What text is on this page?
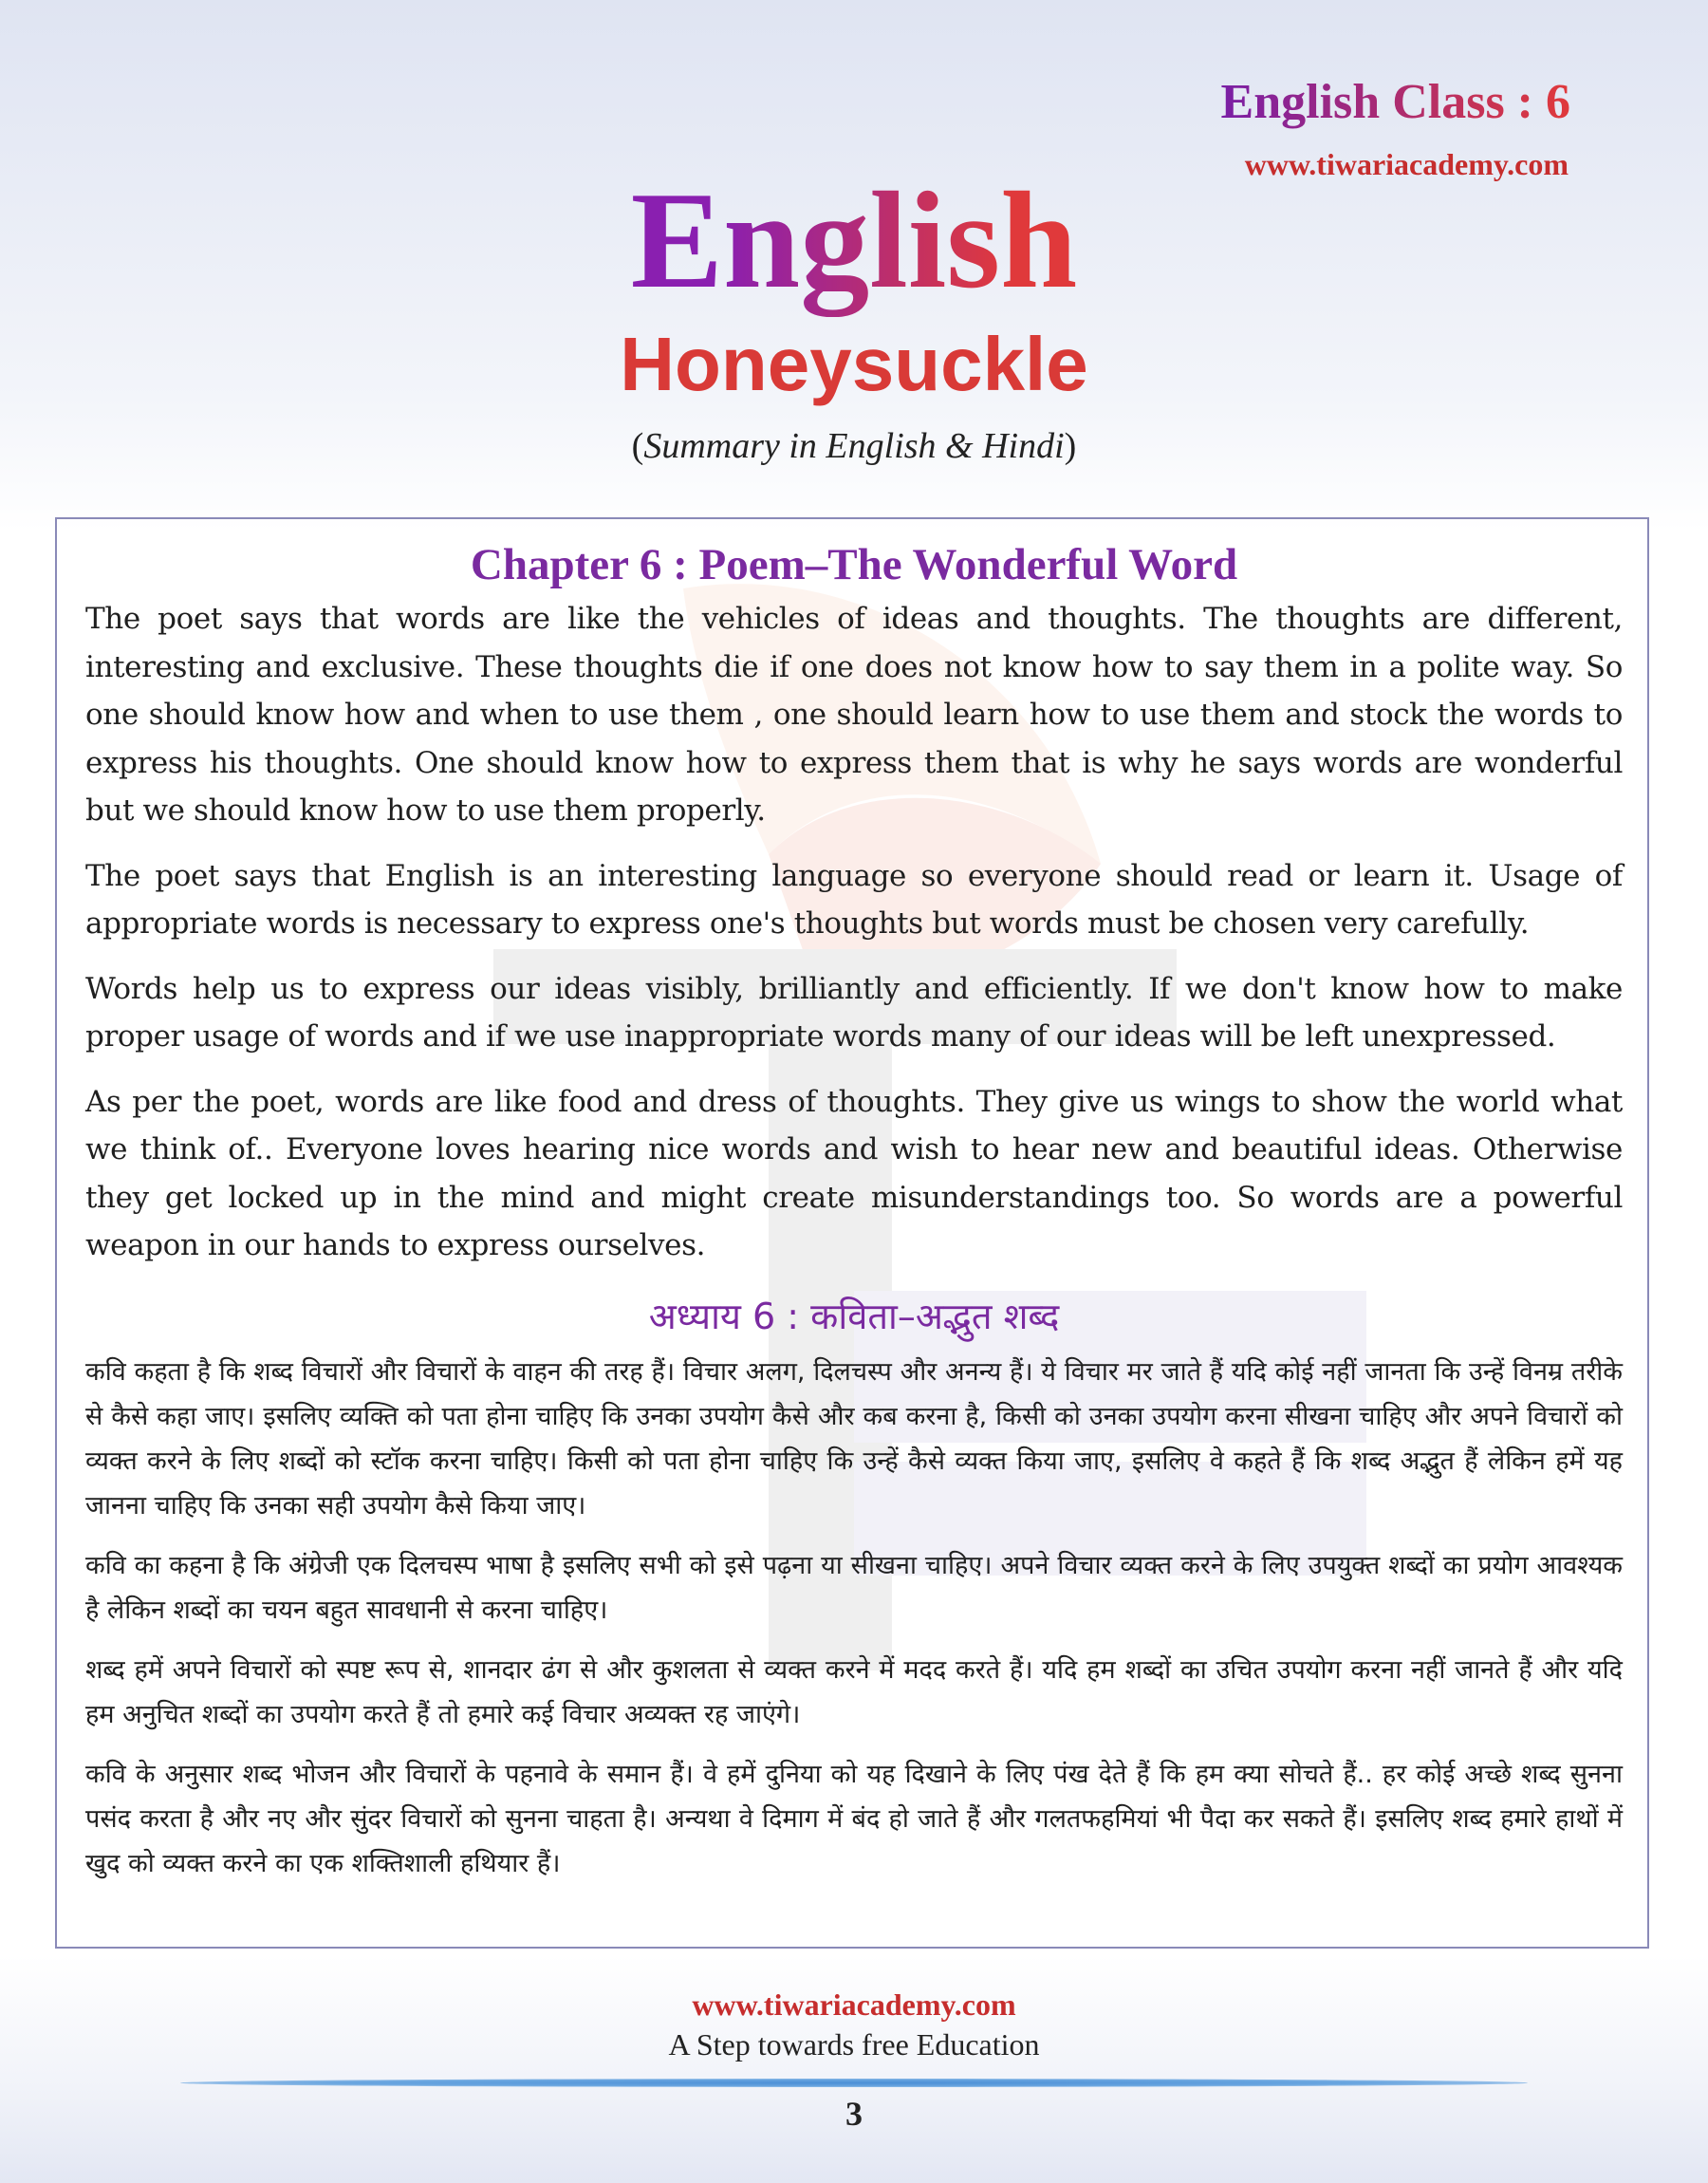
English Class : 6
www.tiwariacademy.com
English
Honeysuckle
(Summary in English & Hindi)
Chapter 6 : Poem–The Wonderful Word

The poet says that words are like the vehicles of ideas and thoughts. The thoughts are different, interesting and exclusive. These thoughts die if one does not know how to say them in a polite way. So one should know how and when to use them , one should learn how to use them and stock the words to express his thoughts. One should know how to express them that is why he says words are wonderful but we should know how to use them properly.

The poet says that English is an interesting language so everyone should read or learn it. Usage of appropriate words is necessary to express one's thoughts but words must be chosen very carefully.

Words help us to express our ideas visibly, brilliantly and efficiently. If we don't know how to make proper usage of words and if we use inappropriate words many of our ideas will be left unexpressed.

As per the poet, words are like food and dress of thoughts. They give us wings to show the world what we think of.. Everyone loves hearing nice words and wish to hear new and beautiful ideas. Otherwise they get locked up in the mind and might create misunderstandings too. So words are a powerful weapon in our hands to express ourselves.

अध्याय 6 : कविता–अद्भुत शब्द

कवि कहता है कि शब्द विचारों और विचारों के वाहन की तरह हैं। विचार अलग, दिलचस्प और अनन्य हैं। ये विचार मर जाते हैं यदि कोई नहीं जानता कि उन्हें विनम्र तरीके से कैसे कहा जाए। इसलिए व्यक्ति को पता होना चाहिए कि उनका उपयोग कैसे और कब करना है, किसी को उनका उपयोग करना सीखना चाहिए और अपने विचारों को व्यक्त करने के लिए शब्दों को स्टॉक करना चाहिए। किसी को पता होना चाहिए कि उन्हें कैसे व्यक्त किया जाए, इसलिए वे कहते हैं कि शब्द अद्भुत हैं लेकिन हमें यह जानना चाहिए कि उनका सही उपयोग कैसे किया जाए।

कवि का कहना है कि अंग्रेजी एक दिलचस्प भाषा है इसलिए सभी को इसे पढ़ना या सीखना चाहिए। अपने विचार व्यक्त करने के लिए उपयुक्त शब्दों का प्रयोग आवश्यक है लेकिन शब्दों का चयन बहुत सावधानी से करना चाहिए।

शब्द हमें अपने विचारों को स्पष्ट रूप से, शानदार ढंग से और कुशलता से व्यक्त करने में मदद करते हैं। यदि हम शब्दों का उचित उपयोग करना नहीं जानते हैं और यदि हम अनुचित शब्दों का उपयोग करते हैं तो हमारे कई विचार अव्यक्त रह जाएंगे।

कवि के अनुसार शब्द भोजन और विचारों के पहनावे के समान हैं। वे हमें दुनिया को यह दिखाने के लिए पंख देते हैं कि हम क्या सोचते हैं.. हर कोई अच्छे शब्द सुनना पसंद करता है और नए और सुंदर विचारों को सुनना चाहता है। अन्यथा वे दिमाग में बंद हो जाते हैं और गलतफहमियां भी पैदा कर सकते हैं। इसलिए शब्द हमारे हाथों में खुद को व्यक्त करने का एक शक्तिशाली हथियार हैं।

www.tiwariacademy.com
A Step towards free Education
3
